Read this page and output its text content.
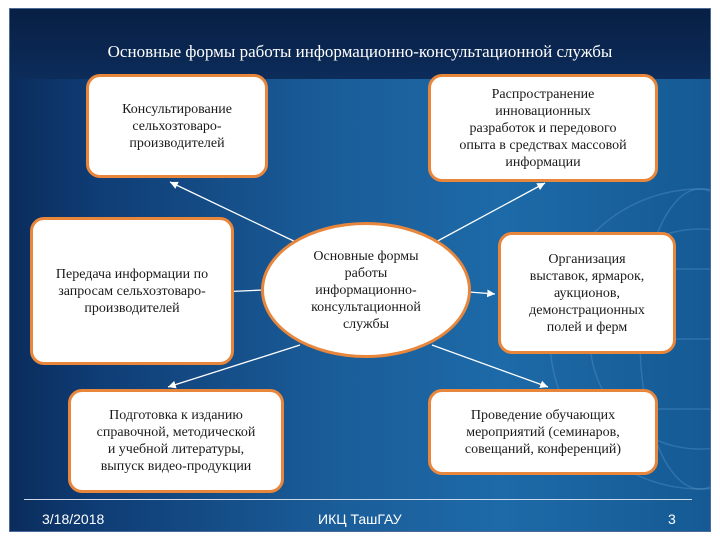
Основные формы работы информационно-консультационной службы
Консультирование
сельхозтоваро-
производителей
Распространение
инновационных
разработок и передового
опыта в средствах массовой
информации
Передача информации по
запросам сельхозтоваро-
производителей
Организация
выставок, ярмарок,
аукционов,
демонстрационных
полей и ферм
Подготовка к изданию
справочной, методической
и учебной литературы,
выпуск видео-продукции
Проведение обучающих
мероприятий (семинаров,
совещаний, конференций)
Основные формы
работы
информационно-
консультационной
службы
3/18/2018	ИКЦ ТашГАУ	3
